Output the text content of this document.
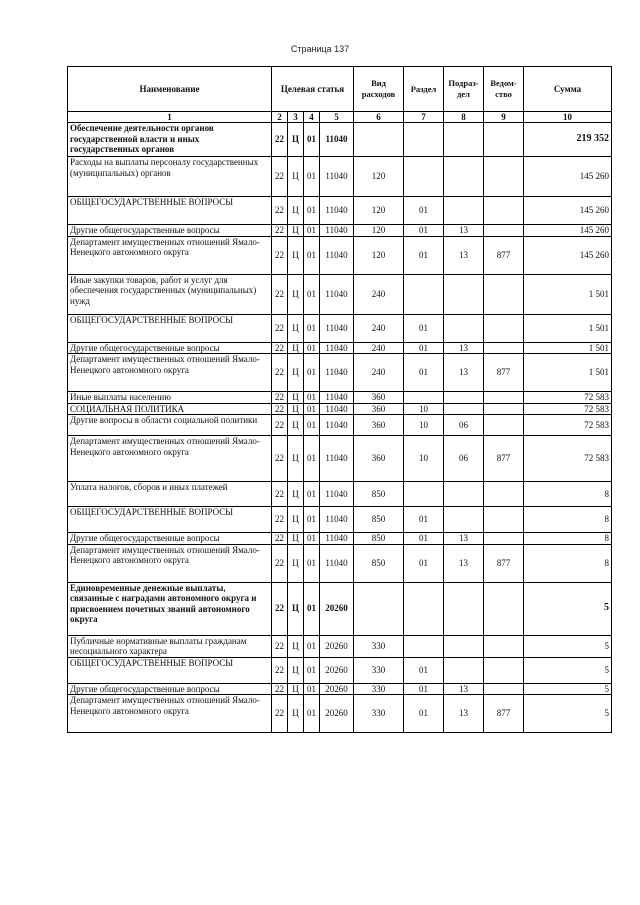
Страница 137
Наименование	Целевая статья				Вид расходов	Раздел	Подраз-дел	Ведом-ство	Сумма
1	2	3	4	5	6	7	8	9	10
Обеспечение деятельности органов государственной власти и иных государственных органов	22	Ц	01	11040					219 352
Расходы на выплаты персоналу государственных (муниципальных) органов	22	Ц	01	11040	120				145 260
ОБЩЕГОСУДАРСТВЕННЫЕ ВОПРОСЫ	22	Ц	01	11040	120	01			145 260
Другие общегосударственные вопросы	22	Ц	01	11040	120	01	13		145 260
Департамент имущественных отношений Ямало-Ненецкого автономного округа	22	Ц	01	11040	120	01	13	877	145 260
Иные закупки товаров, работ и услуг для обеспечения государственных (муниципальных) нужд	22	Ц	01	11040	240				1 501
ОБЩЕГОСУДАРСТВЕННЫЕ ВОПРОСЫ	22	Ц	01	11040	240	01			1 501
Другие общегосударственные вопросы	22	Ц	01	11040	240	01	13		1 501
Департамент имущественных отношений Ямало-Ненецкого автономного округа	22	Ц	01	11040	240	01	13	877	1 501
Иные выплаты населению	22	Ц	01	11040	360				72 583
СОЦИАЛЬНАЯ ПОЛИТИКА	22	Ц	01	11040	360	10			72 583
Другие вопросы в области социальной политики	22	Ц	01	11040	360	10	06		72 583
Департамент имущественных отношений Ямало-Ненецкого автономного округа	22	Ц	01	11040	360	10	06	877	72 583
Уплата налогов, сборов и иных платежей	22	Ц	01	11040	850				8
ОБЩЕГОСУДАРСТВЕННЫЕ ВОПРОСЫ	22	Ц	01	11040	850	01			8
Другие общегосударственные вопросы	22	Ц	01	11040	850	01	13		8
Департамент имущественных отношений Ямало-Ненецкого автономного округа	22	Ц	01	11040	850	01	13	877	8
Единовременные денежные выплаты, связанные с наградами автономного округа и присвоением почетных званий автономного округа	22	Ц	01	20260					5
Публичные нормативные выплаты гражданам несоциального характера	22	Ц	01	20260	330				5
ОБЩЕГОСУДАРСТВЕННЫЕ ВОПРОСЫ	22	Ц	01	20260	330	01			5
Другие общегосударственные вопросы	22	Ц	01	20260	330	01	13		5
Департамент имущественных отношений Ямало-Ненецкого автономного округа	22	Ц	01	20260	330	01	13	877	5
